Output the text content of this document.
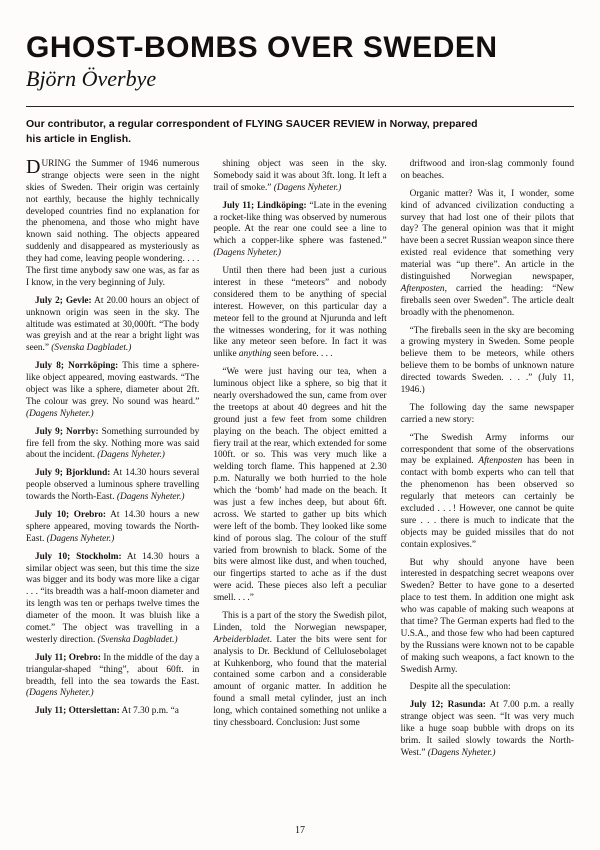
GHOST-BOMBS OVER SWEDEN
Björn Överbye
Our contributor, a regular correspondent of FLYING SAUCER REVIEW in Norway, prepared his article in English.

DURING the Summer of 1946 numerous strange objects were seen in the night skies of Sweden. Their origin was certainly not earthly, because the highly technically developed countries find no explanation for the phenomena, and those who might have known said nothing. The objects appeared suddenly and disappeared as mysteriously as they had come, leaving people wondering. . . . The first time anybody saw one was, as far as I know, in the very beginning of July.

July 2; Gevle: At 20.00 hours an object of unknown origin was seen in the sky. The altitude was estimated at 30,000ft. “The body was greyish and at the rear a bright light was seen.” (Svenska Dagbladet.)

July 8; Norrköping: This time a sphere-like object appeared, moving eastwards. “The object was like a sphere, diameter about 2ft. The colour was grey. No sound was heard.” (Dagens Nyheter.)

July 9; Norrby: Something surrounded by fire fell from the sky. Nothing more was said about the incident. (Dagens Nyheter.)

July 9; Bjorklund: At 14.30 hours several people observed a luminous sphere travelling towards the North-East. (Dagens Nyheter.)

July 10; Orebro: At 14.30 hours a new sphere appeared, moving towards the North-East. (Dagens Nyheter.)

July 10; Stockholm: At 14.30 hours a similar object was seen, but this time the size was bigger and its body was more like a cigar . . . “its breadth was a half-moon diameter and its length was ten or perhaps twelve times the diameter of the moon. It was bluish like a comet.” The object was travelling in a westerly direction. (Svenska Dagbladet.)

July 11; Orebro: In the middle of the day a triangular-shaped “thing”, about 60ft. in breadth, fell into the sea towards the East. (Dagens Nyheter.)

July 11; Otterslettan: At 7.30 p.m. “a

shining object was seen in the sky. Somebody said it was about 3ft. long. It left a trail of smoke.” (Dagens Nyheter.)

July 11; Lindköping: “Late in the evening a rocket-like thing was observed by numerous people. At the rear one could see a line to which a copper-like sphere was fastened.” (Dagens Nyheter.)

Until then there had been just a curious interest in these “meteors” and nobody considered them to be anything of special interest. However, on this particular day a meteor fell to the ground at Njurunda and left the witnesses wondering, for it was nothing like any meteor seen before. In fact it was unlike anything seen before. . . .

“We were just having our tea, when a luminous object like a sphere, so big that it nearly overshadowed the sun, came from over the treetops at about 40 degrees and hit the ground just a few feet from some children playing on the beach. The object emitted a fiery trail at the rear, which extended for some 100ft. or so. This was very much like a welding torch flame. This happened at 2.30 p.m. Naturally we both hurried to the hole which the ‘bomb’ had made on the beach. It was just a few inches deep, but about 6ft. across. We started to gather up bits which were left of the bomb. They looked like some kind of porous slag. The colour of the stuff varied from brownish to black. Some of the bits were almost like dust, and when touched, our fingertips started to ache as if the dust were acid. These pieces also left a peculiar smell. . . .”

This is a part of the story the Swedish pilot, Linden, told the Norwegian newspaper, Arbeiderbladet. Later the bits were sent for analysis to Dr. Becklund of Cellulosebolaget at Kuhkenborg, who found that the material contained some carbon and a considerable amount of organic matter. In addition he found a small metal cylinder, just an inch long, which contained something not unlike a tiny chessboard. Conclusion: Just some

driftwood and iron-slag commonly found on beaches.

Organic matter? Was it, I wonder, some kind of advanced civilization conducting a survey that had lost one of their pilots that day? The general opinion was that it might have been a secret Russian weapon since there existed real evidence that something very material was “up there”. An article in the distinguished Norwegian newspaper, Aftenposten, carried the heading: “New fireballs seen over Sweden”. The article dealt broadly with the phenomenon.

“The fireballs seen in the sky are becoming a growing mystery in Sweden. Some people believe them to be meteors, while others believe them to be bombs of unknown nature directed towards Sweden. . . .” (July 11, 1946.)

The following day the same newspaper carried a new story:

“The Swedish Army informs our correspondent that some of the observations may be explained. Aftenposten has been in contact with bomb experts who can tell that the phenomenon has been observed so regularly that meteors can certainly be excluded . . . ! However, one cannot be quite sure . . . there is much to indicate that the objects may be guided missiles that do not contain explosives.”

But why should anyone have been interested in despatching secret weapons over Sweden? Better to have gone to a deserted place to test them. In addition one might ask who was capable of making such weapons at that time? The German experts had fled to the U.S.A., and those few who had been captured by the Russians were known not to be capable of making such weapons, a fact known to the Swedish Army.

Despite all the speculation:

July 12; Rasunda: At 7.00 p.m. a really strange object was seen. “It was very much like a huge soap bubble with drops on its brim. It sailed slowly towards the North-West.” (Dagens Nyheter.)

17
